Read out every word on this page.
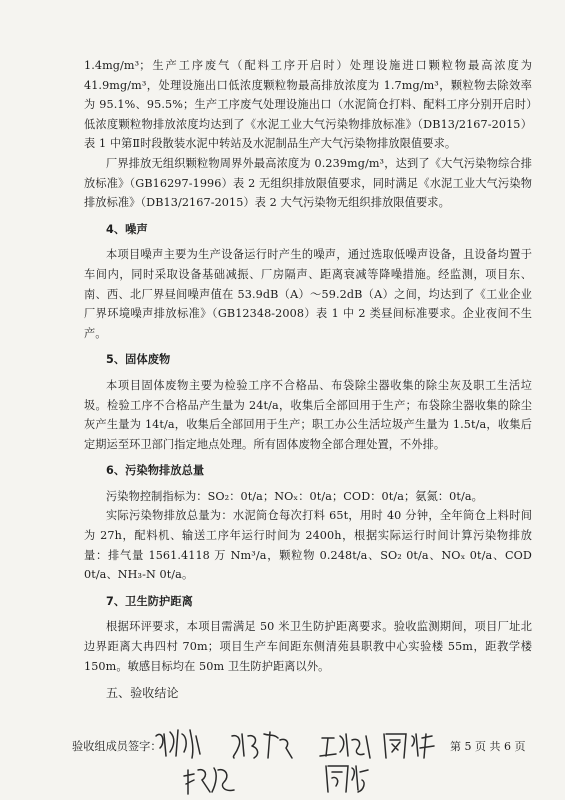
1.4mg/m³；生产工序废气（配料工序开启时）处理设施进口颗粒物最高浓度为 41.9mg/m³，处理设施出口低浓度颗粒物最高排放浓度为 1.7mg/m³，颗粒物去除效率为 95.1%、95.5%；生产工序废气处理设施出口（水泥筒仓打料、配料工序分别开启时）低浓度颗粒物排放浓度均达到了《水泥工业大气污染物排放标准》（DB13/2167-2015）表 1 中第Ⅱ时段散装水泥中转站及水泥制品生产大气污染物排放限值要求。

厂界排放无组织颗粒物周界外最高浓度为 0.239mg/m³，达到了《大气污染物综合排放标准》（GB16297-1996）表 2 无组织排放限值要求，同时满足《水泥工业大气污染物排放标准》（DB13/2167-2015）表 2 大气污染物无组织排放限值要求。

4、噪声

本项目噪声主要为生产设备运行时产生的噪声，通过选取低噪声设备，且设备均置于车间内，同时采取设备基础减振、厂房隔声、距离衰减等降噪措施。经监测，项目东、南、西、北厂界昼间噪声值在 53.9dB（A）～59.2dB（A）之间，均达到了《工业企业厂界环境噪声排放标准》（GB12348-2008）表 1 中 2 类昼间标准要求。企业夜间不生产。

5、固体废物

本项目固体废物主要为检验工序不合格品、布袋除尘器收集的除尘灰及职工生活垃圾。检验工序不合格品产生量为 24t/a，收集后全部回用于生产；布袋除尘器收集的除尘灰产生量为 14t/a，收集后全部回用于生产；职工办公生活垃圾产生量为 1.5t/a，收集后定期运至环卫部门指定地点处理。所有固体废物全部合理处置，不外排。

6、污染物排放总量

污染物控制指标为：SO₂：0t/a；NOₓ：0t/a；COD：0t/a；氨氮：0t/a。

实际污染物排放总量为：水泥筒仓每次打料 65t，用时 40 分钟，全年筒仓上料时间为 27h，配料机、输送工序年运行时间为 2400h，根据实际运行时间计算污染物排放量：排气量 1561.4118 万 Nm³/a，颗粒物 0.248t/a、SO₂ 0t/a、NOₓ 0t/a、COD 0t/a、NH₃-N 0t/a。

7、卫生防护距离

根据环评要求，本项目需满足 50 米卫生防护距离要求。验收监测期间，项目厂址北边界距离大冉四村 70m；项目生产车间距东侧清苑县职教中心实验楼 55m，距教学楼 150m。敏感目标均在 50m 卫生防护距离以外。

五、验收结论

验收组成员签字：	第 5 页 共 6 页
